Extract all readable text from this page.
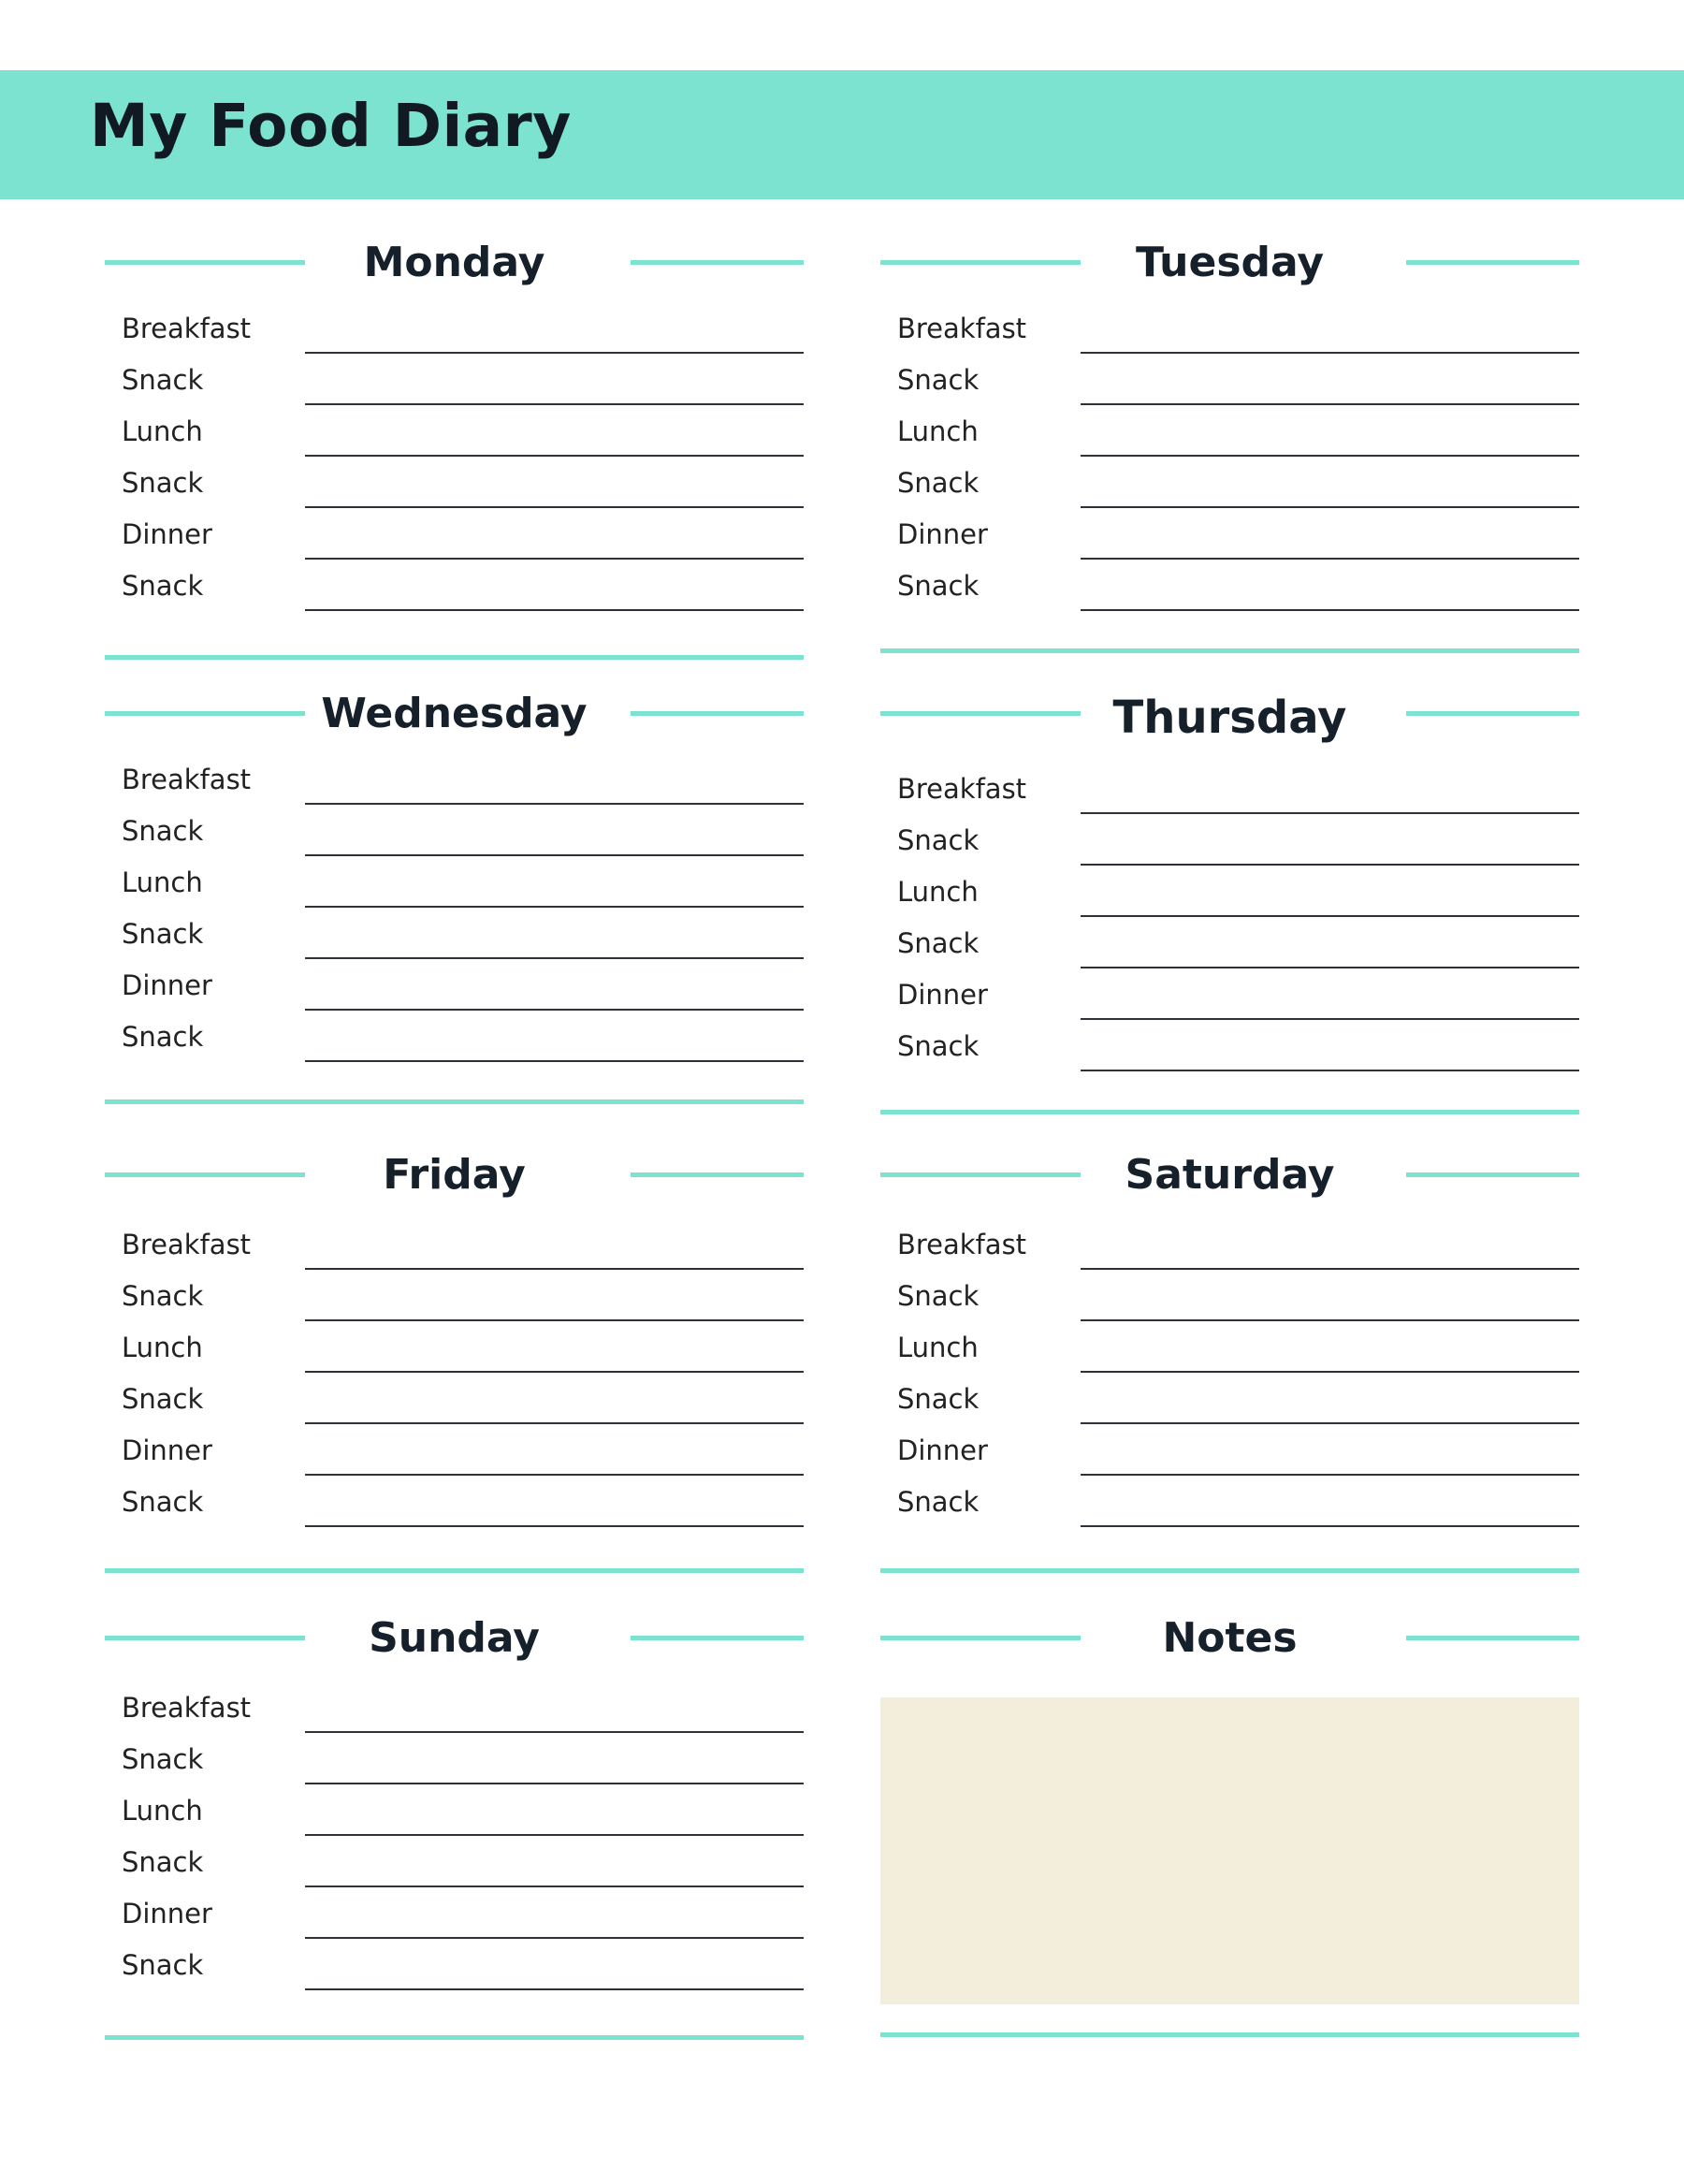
My Food Diary
Monday
Breakfast
Snack
Lunch
Snack
Dinner
Snack
Tuesday
Breakfast
Snack
Lunch
Snack
Dinner
Snack
Wednesday
Breakfast
Snack
Lunch
Snack
Dinner
Snack
Thursday
Breakfast
Snack
Lunch
Snack
Dinner
Snack
Friday
Breakfast
Snack
Lunch
Snack
Dinner
Snack
Saturday
Breakfast
Snack
Lunch
Snack
Dinner
Snack
Sunday
Breakfast
Snack
Lunch
Snack
Dinner
Snack
Notes
